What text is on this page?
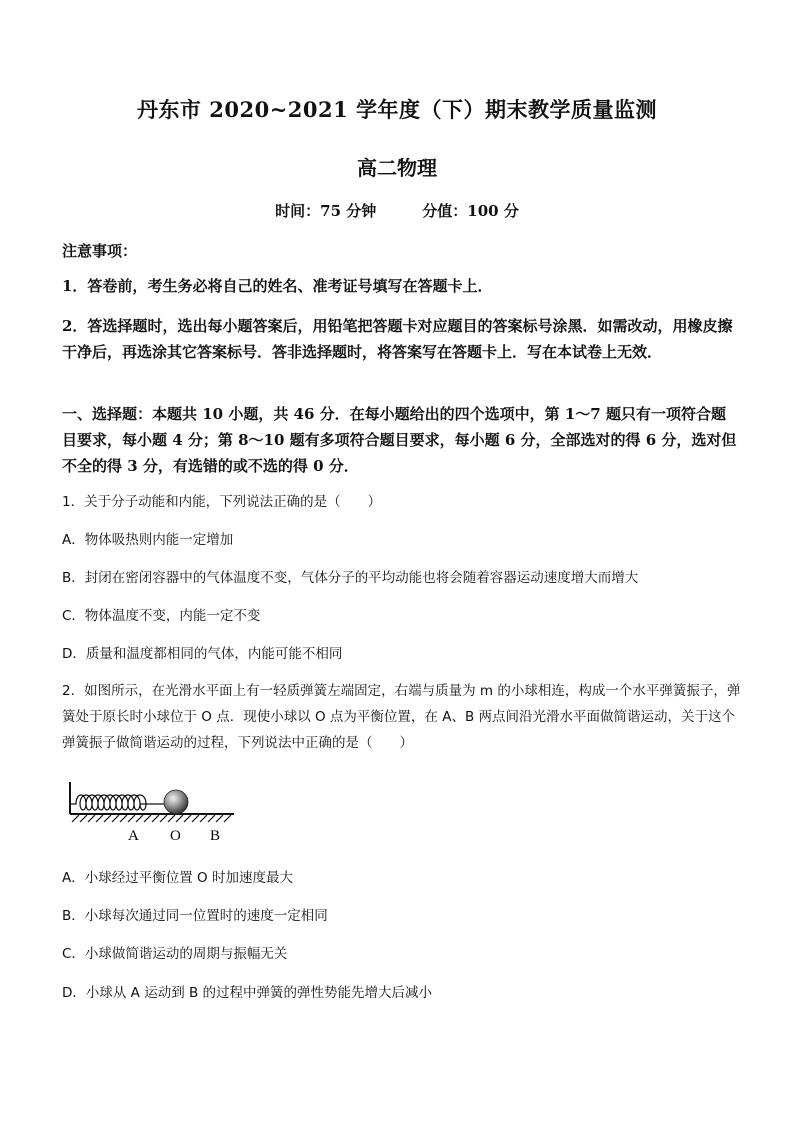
丹东市 2020~2021 学年度（下）期末教学质量监测
高二物理
时间：75 分钟	分值：100 分
注意事项：
1．答卷前，考生务必将自己的姓名、准考证号填写在答题卡上．
2．答选择题时，选出每小题答案后，用铅笔把答题卡对应题目的答案标号涂黑．如需改动，用橡皮擦干净后，再选涂其它答案标号．答非选择题时，将答案写在答题卡上．写在本试卷上无效．
一、选择题：本题共 10 小题，共 46 分．在每小题给出的四个选项中，第 1～7 题只有一项符合题目要求，每小题 4 分；第 8～10 题有多项符合题目要求，每小题 6 分，全部选对的得 6 分，选对但不全的得 3 分，有选错的或不选的得 0 分．
1．关于分子动能和内能，下列说法正确的是（　　）
A．物体吸热则内能一定增加
B．封闭在密闭容器中的气体温度不变，气体分子的平均动能也将会随着容器运动速度增大而增大
C．物体温度不变，内能一定不变
D．质量和温度都相同的气体，内能可能不相同
2．如图所示，在光滑水平面上有一轻质弹簧左端固定，右端与质量为 m 的小球相连，构成一个水平弹簧振子，弹簧处于原长时小球位于 O 点．现使小球以 O 点为平衡位置，在 A、B 两点间沿光滑水平面做简谐运动，关于这个弹簧振子做简谐运动的过程，下列说法中正确的是（　　）
A O B
A．小球经过平衡位置 O 时加速度最大
B．小球每次通过同一位置时的速度一定相同
C．小球做简谐运动的周期与振幅无关
D．小球从 A 运动到 B 的过程中弹簧的弹性势能先增大后减小
